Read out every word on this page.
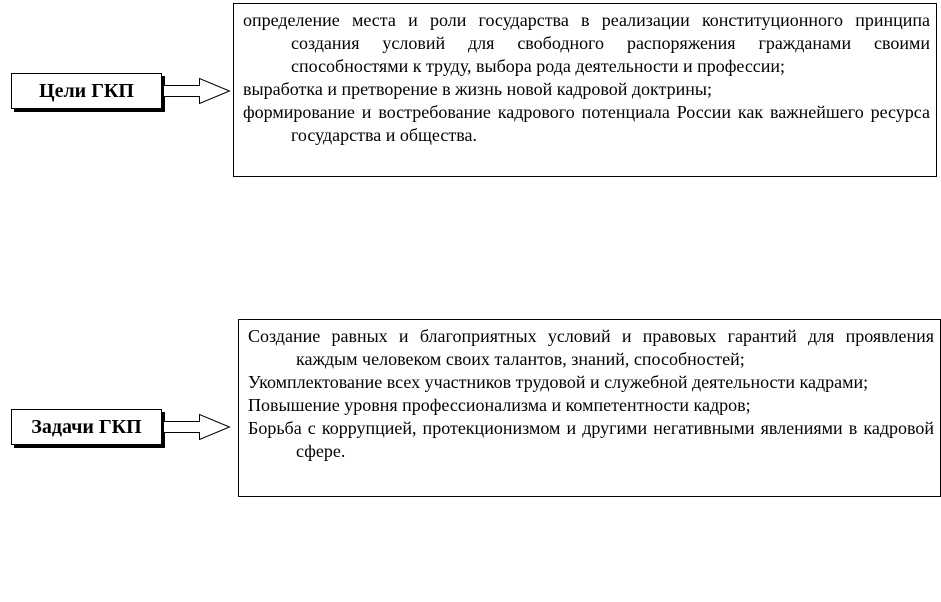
Цели ГКП
определение места и роли государства в реализации конституционного принципа создания условий для свободного распоряжения гражданами своими способностями к труду, выбора рода деятельности и профессии;
выработка и претворение в жизнь новой кадровой доктрины;
формирование и востребование кадрового потенциала России как важнейшего ресурса государства и общества.
Задачи ГКП
Создание равных и благоприятных условий и правовых гарантий для проявления каждым человеком своих талантов, знаний, способностей;
Укомплектование всех участников трудовой и служебной деятельности кадрами;
Повышение уровня профессионализма и компетентности кадров;
Борьба с коррупцией, протекционизмом и другими негативными явлениями в кадровой сфере.
